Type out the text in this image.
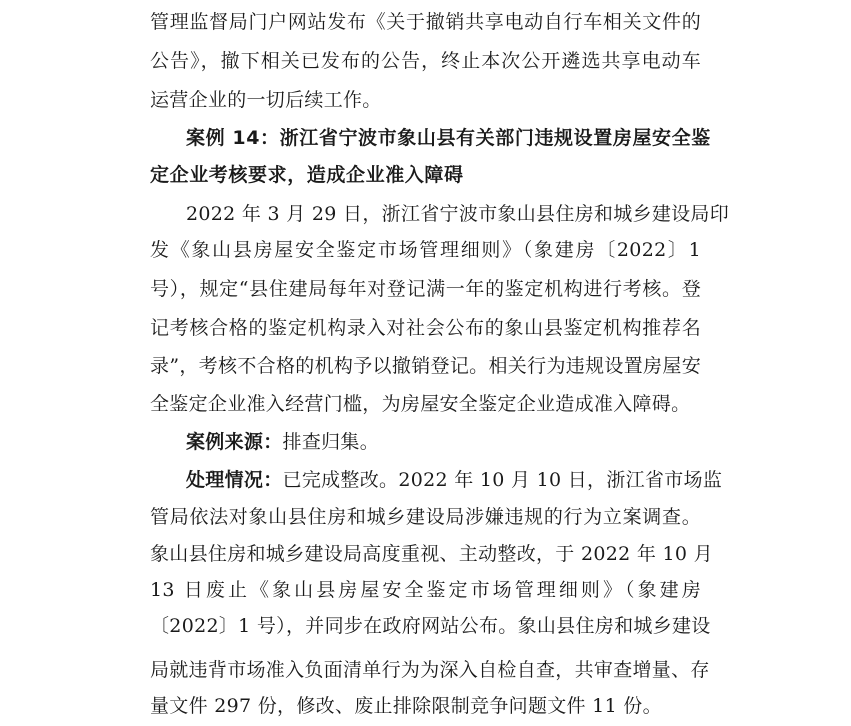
管理监督局门户网站发布《关于撤销共享电动自行车相关文件的
公告》，撤下相关已发布的公告，终止本次公开遴选共享电动车
运营企业的一切后续工作。
案例 14：浙江省宁波市象山县有关部门违规设置房屋安全鉴
定企业考核要求，造成企业准入障碍
2022 年 3 月 29 日，浙江省宁波市象山县住房和城乡建设局印
发《象山县房屋安全鉴定市场管理细则》（象建房〔2022〕1
号），规定“县住建局每年对登记满一年的鉴定机构进行考核。登
记考核合格的鉴定机构录入对社会公布的象山县鉴定机构推荐名
录”，考核不合格的机构予以撤销登记。相关行为违规设置房屋安
全鉴定企业准入经营门槛，为房屋安全鉴定企业造成准入障碍。
案例来源：排查归集。
处理情况：已完成整改。2022 年 10 月 10 日，浙江省市场监
管局依法对象山县住房和城乡建设局涉嫌违规的行为立案调查。
象山县住房和城乡建设局高度重视、主动整改，于 2022 年 10 月
13 日废止《象山县房屋安全鉴定市场管理细则》（象建房
〔2022〕1 号），并同步在政府网站公布。象山县住房和城乡建设
局就违背市场准入负面清单行为为深入自检自查，共审查增量、存
量文件 297 份，修改、废止排除限制竞争问题文件 11 份。
